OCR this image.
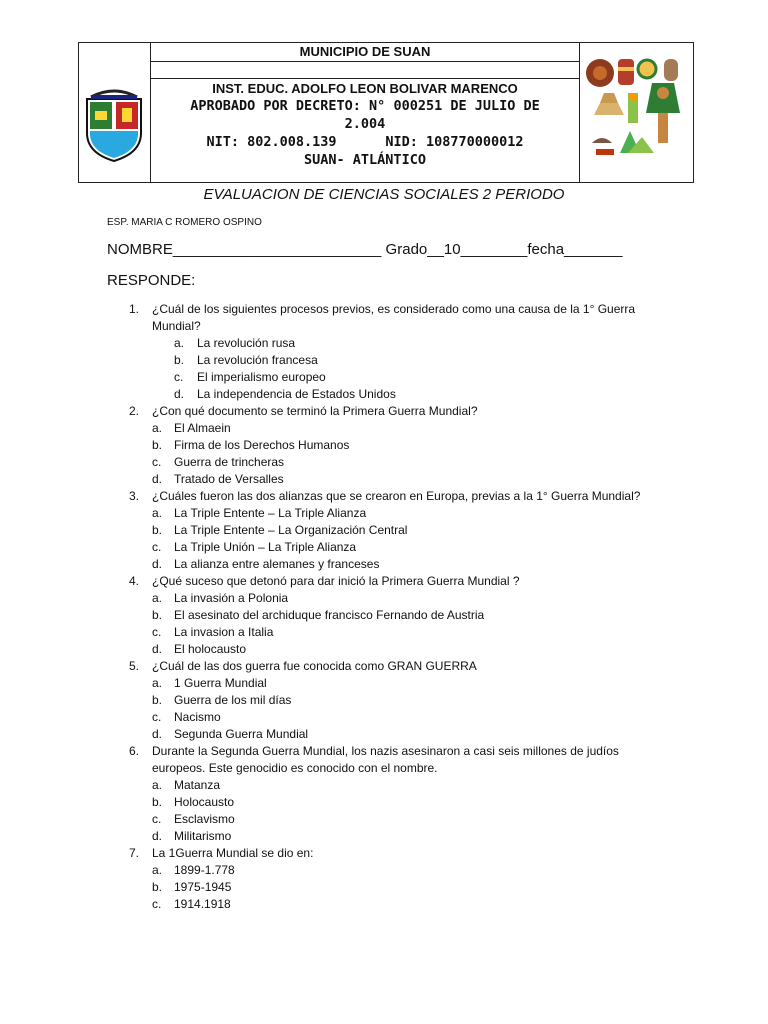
MUNICIPIO DE SUAN
INST. EDUC. ADOLFO LEON BOLIVAR MARENCO
APROBADO POR DECRETO: N° 000251 DE JULIO DE
2.004
NIT: 802.008.139	NID: 108770000012
SUAN- ATLÁNTICO
EVALUACION DE CIENCIAS SOCIALES 2 PERIODO
ESP. MARIA C ROMERO OSPINO
NOMBRE_________________________ Grado__10________fecha_______
RESPONDE:
1. ¿Cuál de los siguientes procesos previos, es considerado como una causa de la 1° Guerra Mundial?
a. La revolución rusa
b. La revolución francesa
c. El imperialismo europeo
d. La independencia de Estados Unidos
2. ¿Con qué documento se terminó la Primera Guerra Mundial?
a. El Almaein
b. Firma de los Derechos Humanos
c. Guerra de trincheras
d. Tratado de Versalles
3. ¿Cuáles fueron las dos alianzas que se crearon en Europa, previas a la 1° Guerra Mundial?
a. La Triple Entente – La Triple Alianza
b. La Triple Entente – La Organización Central
c. La Triple Unión – La Triple Alianza
d. La alianza entre alemanes y franceses
4. ¿Qué suceso que detonó para dar inició la Primera Guerra Mundial ?
a. La invasión a Polonia
b. El asesinato del archiduque francisco Fernando de Austria
c. La invasion a Italia
d. El holocausto
5. ¿Cuál de las dos guerra fue conocida como GRAN GUERRA
a. 1 Guerra Mundial
b. Guerra de los mil días
c. Nacismo
d. Segunda Guerra Mundial
6. Durante la Segunda Guerra Mundial, los nazis asesinaron a casi seis millones de judíos europeos. Este genocidio es conocido con el nombre.
a. Matanza
b. Holocausto
c. Esclavismo
d. Militarismo
7. La 1Guerra Mundial se dio en:
a. 1899-1.778
b. 1975-1945
c. 1914.1918
